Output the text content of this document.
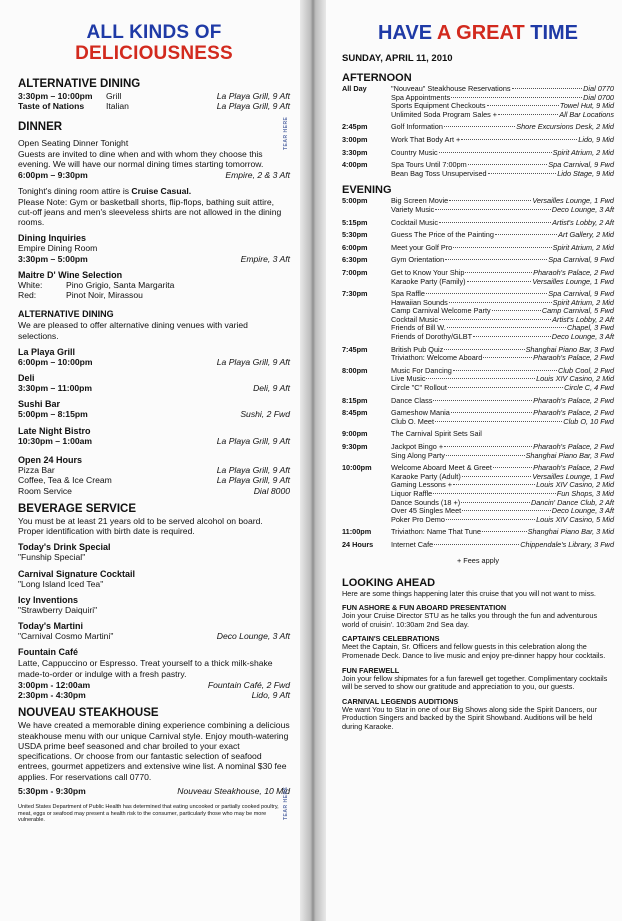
ALL KINDS OF
DELICIOUSNESS
ALTERNATIVE DINING
3:30pm – 10:00pm	Grill	La Playa Grill, 9 Aft
Taste of Nations	Italian	La Playa Grill, 9 Aft
DINNER
Open Seating Dinner Tonight
Guests are invited to dine when and with whom they choose this evening. We will have our normal dining times starting tomorrow.
6:00pm – 9:30pm	Empire, 2 & 3 Aft
Tonight's dining room attire is Cruise Casual.
Please Note: Gym or basketball shorts, flip-flops, bathing suit attire, cut-off jeans and men's sleeveless shirts are not allowed in the dining rooms.
Dining Inquiries
Empire Dining Room
3:30pm – 5:00pm	Empire, 3 Aft
Maitre D' Wine Selection
White:	Pino Grigio, Santa Margarita
Red:	Pinot Noir, Mirassou
ALTERNATIVE DINING
We are pleased to offer alternative dining venues with varied selections.
La Playa Grill
6:00pm – 10:00pm	La Playa Grill, 9 Aft
Deli
3:30pm – 11:00pm	Deli, 9 Aft
Sushi Bar
5:00pm – 8:15pm	Sushi, 2 Fwd
Late Night Bistro
10:30pm – 1:00am	La Playa Grill, 9 Aft
Open 24 Hours
Pizza Bar	La Playa Grill, 9 Aft
Coffee, Tea & Ice Cream	La Playa Grill, 9 Aft
Room Service	Dial 8000
BEVERAGE SERVICE
You must be at least 21 years old to be served alcohol on board. Proper identification with birth date is required.
Today's Drink Special
"Funship Special"
Carnival Signature Cocktail
"Long Island Iced Tea"
Icy Inventions
"Strawberry Daiquiri"
Today's Martini
"Carnival Cosmo Martini"	Deco Lounge, 3 Aft
Fountain Café
Latte, Cappuccino or Espresso. Treat yourself to a thick milk-shake made-to-order or indulge with a fresh pastry.
3:00pm - 12:00am	Fountain Café, 2 Fwd
2:30pm - 4:30pm	Lido, 9 Aft
NOUVEAU STEAKHOUSE
We have created a memorable dining experience combining a delicious steakhouse menu with our unique Carnival style. Enjoy mouth-watering USDA prime beef seasoned and char broiled to your exact specifications. Or choose from our fantastic selection of seafood entrees, gourmet appetizers and extensive wine list. A nominal $30 fee applies. For reservations call 0770.
5:30pm - 9:30pm	Nouveau Steakhouse, 10 Mid
United States Department of Public Health has determined that eating uncooked or partially cooked poultry, meat, eggs or seafood may present a health risk to the consumer, particularly those who may be more vulnerable.
TEAR HERE
TEAR HERE
HAVE A GREAT TIME
SUNDAY, APRIL 11, 2010
AFTERNOON
All Day	"Nouveau" Steakhouse Reservations	Dial 0770
Spa Appointments	Dial 0700
Sports Equipment Checkouts	Towel Hut, 9 Mid
Unlimited Soda Program Sales +	All Bar Locations
2:45pm	Golf Information	Shore Excursions Desk, 2 Mid
3:00pm	Work That Body Art +	Lido, 9 Mid
3:30pm	Country Music	Spirit Atrium, 2 Mid
4:00pm	Spa Tours Until 7:00pm	Spa Carnival, 9 Fwd
Bean Bag Toss Unsupervised	Lido Stage, 9 Mid
EVENING
5:00pm	Big Screen Movie	Versailles Lounge, 1 Fwd
Variety Music	Deco Lounge, 3 Aft
5:15pm	Cocktail Music	Artist's Lobby, 2 Aft
5:30pm	Guess The Price of the Painting	Art Gallery, 2 Mid
6:00pm	Meet your Golf Pro	Spirit Atrium, 2 Mid
6:30pm	Gym Orientation	Spa Carnival, 9 Fwd
7:00pm	Get to Know Your Ship	Pharaoh's Palace, 2 Fwd
Karaoke Party (Family)	Versailles Lounge, 1 Fwd
7:30pm	Spa Raffle	Spa Carnival, 9 Fwd
Hawaiian Sounds	Spirit Atrium, 2 Mid
Camp Carnival Welcome Party	Camp Carnival, 5 Fwd
Cocktail Music	Artist's Lobby, 2 Aft
Friends of Bill W.	Chapel, 3 Fwd
Friends of Dorothy/GLBT	Deco Lounge, 3 Aft
7:45pm	British Pub Quiz	Shanghai Piano Bar, 3 Fwd
Triviathon: Welcome Aboard	Pharaoh's Palace, 2 Fwd
8:00pm	Music For Dancing	Club Cool, 2 Fwd
Live Music	Louis XIV Casino, 2 Mid
Circle "C" Rollout	Circle C, 4 Fwd
8:15pm	Dance Class	Pharaoh's Palace, 2 Fwd
8:45pm	Gameshow Mania	Pharaoh's Palace, 2 Fwd
Club O. Meet	Club O, 10 Fwd
9:00pm	The Carnival Spirit Sets Sail
9:30pm	Jackpot Bingo +	Pharaoh's Palace, 2 Fwd
Sing Along Party	Shanghai Piano Bar, 3 Fwd
10:00pm	Welcome Aboard Meet & Greet	Pharaoh's Palace, 2 Fwd
Karaoke Party (Adult)	Versailles Lounge, 1 Fwd
Gaming Lessons +	Louis XIV Casino, 2 Mid
Liquor Raffle	Fun Shops, 3 Mid
Dance Sounds (18 +)	Dancin' Dance Club, 2 Aft
Over 45 Singles Meet	Deco Lounge, 3 Aft
Poker Pro Demo	Louis XIV Casino, 5 Mid
11:00pm	Triviathon: Name That Tune	Shanghai Piano Bar, 3 Mid
24 Hours	Internet Cafe	Chippendale's Library, 3 Fwd
+ Fees apply
LOOKING AHEAD
Here are some things happening later this cruise that you will not want to miss.
FUN ASHORE & FUN ABOARD PRESENTATION
Join your Cruise Director STU as he talks you through the fun and adventurous world of cruisin'. 10:30am 2nd Sea day.
CAPTAIN'S CELEBRATIONS
Meet the Captain, Sr. Officers and fellow guests in this celebration along the Promenade Deck. Dance to live music and enjoy pre-dinner happy hour cocktails.
FUN FAREWELL
Join your fellow shipmates for a fun farewell get together. Complimentary cocktails will be served to show our gratitude and appreciation to you, our guests.
CARNIVAL LEGENDS AUDITIONS
We want You to Star in one of our Big Shows along side the Spirit Dancers, our Production Singers and backed by the Spirit Showband. Auditions will be held during Karaoke.
